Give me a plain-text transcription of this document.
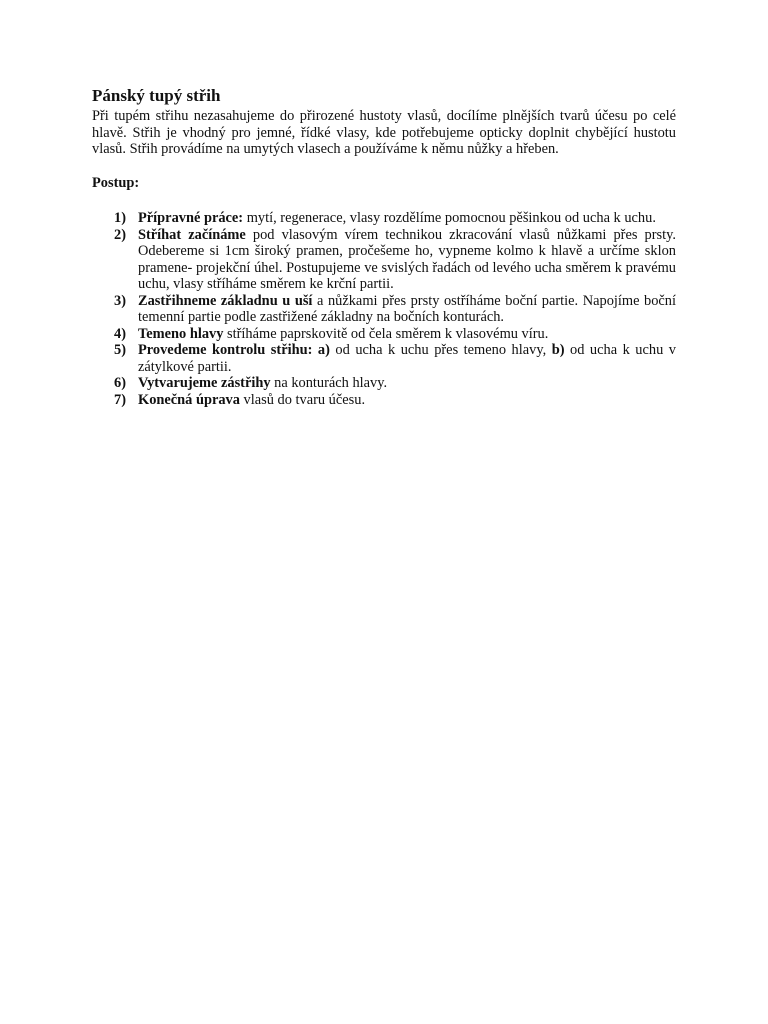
Pánský tupý střih

Při tupém střihu nezasahujeme do přirozené hustoty vlasů, docílíme plnějších tvarů účesu po celé hlavě. Střih je vhodný pro jemné, řídké vlasy, kde potřebujeme opticky doplnit chybějící hustotu vlasů. Střih provádíme na umytých vlasech a používáme k němu nůžky a hřeben.

Postup:
1) Přípravné práce: mytí, regenerace, vlasy rozdělíme pomocnou pěšinkou od ucha k uchu.
2) Stříhat začínáme pod vlasovým vírem technikou zkracování vlasů nůžkami přes prsty. Odebereme si 1cm široký pramen, pročešeme ho, vypneme kolmo k hlavě a určíme sklon pramene- projekční úhel. Postupujeme ve svislých řadách od levého ucha směrem k pravému uchu, vlasy stříháme směrem ke krční partii.
3) Zastřihneme základnu u uší a nůžkami přes prsty ostříháme boční partie. Napojíme boční temenní partie podle zastřižené základny na bočních konturách.
4) Temeno hlavy stříháme paprskovitě od čela směrem k vlasovému víru.
5) Provedeme kontrolu střihu: a) od ucha k uchu přes temeno hlavy, b) od ucha k uchu v zátylkové partii.
6) Vytvarujeme zástřihy na konturách hlavy.
7) Konečná úprava vlasů do tvaru účesu.
